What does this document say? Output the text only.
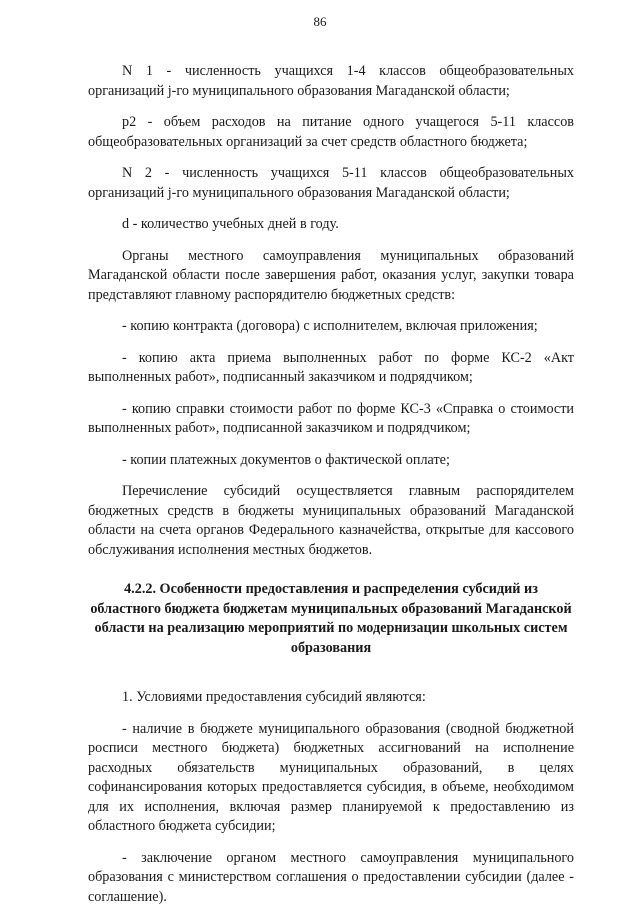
86

N 1 - численность учащихся 1-4 классов общеобразовательных организаций j-го муниципального образования Магаданской области;

p2 - объем расходов на питание одного учащегося 5-11 классов общеобразовательных организаций за счет средств областного бюджета;

N 2 - численность учащихся 5-11 классов общеобразовательных организаций j-го муниципального образования Магаданской области;

d - количество учебных дней в году.

Органы местного самоуправления муниципальных образований Магаданской области после завершения работ, оказания услуг, закупки товара представляют главному распорядителю бюджетных средств:

- копию контракта (договора) с исполнителем, включая приложения;

- копию акта приема выполненных работ по форме КС-2 «Акт выполненных работ», подписанный заказчиком и подрядчиком;

- копию справки стоимости работ по форме КС-3 «Справка о стоимости выполненных работ», подписанной заказчиком и подрядчиком;

- копии платежных документов о фактической оплате;

Перечисление субсидий осуществляется главным распорядителем бюджетных средств в бюджеты муниципальных образований Магаданской области на счета органов Федерального казначейства, открытые для кассового обслуживания исполнения местных бюджетов.

4.2.2. Особенности предоставления и распределения субсидий из областного бюджета бюджетам муниципальных образований Магаданской области на реализацию мероприятий по модернизации школьных систем образования

1. Условиями предоставления субсидий являются:

- наличие в бюджете муниципального образования (сводной бюджетной росписи местного бюджета) бюджетных ассигнований на исполнение расходных обязательств муниципальных образований, в целях софинансирования которых предоставляется субсидия, в объеме, необходимом для их исполнения, включая размер планируемой к предоставлению из областного бюджета субсидии;

- заключение органом местного самоуправления муниципального образования с министерством соглашения о предоставлении субсидии (далее - соглашение).
